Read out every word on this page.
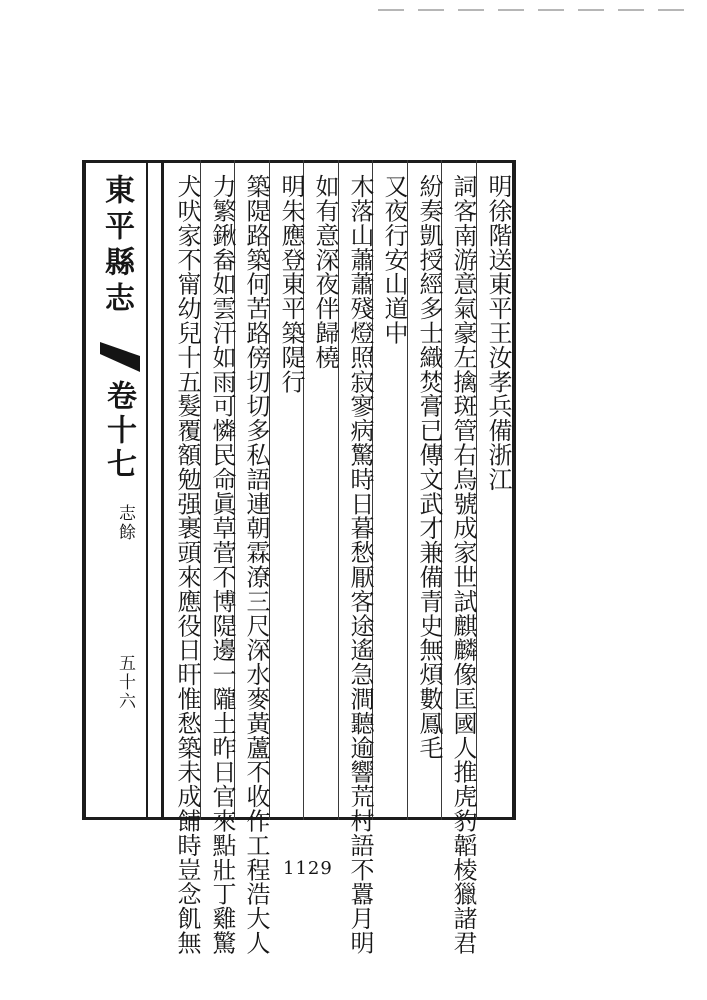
東平縣志
卷十七
志餘
五十六
明徐階送東平王汝孝兵備浙江
詞客南游意氣豪左擒斑管右烏號成家世試麒麟像匡國人推虎豹韜棱獵諸君
紛奏凱授經多士織焚膏已傳文武才兼備青史無煩數鳳毛
又夜行安山道中
木落山蕭蕭殘燈照寂寥病驚時日暮愁厭客途遙急澗聽逾響荒村語不囂月明
如有意深夜伴歸橈
明朱應登東平築隄行
築隄路築何苦路傍切切多私語連朝霖潦三尺深水麥黃蘆不收作工程浩大人
力繁鍬畚如雲汗如雨可憐民命眞草菅不博隄邊一隴土昨日官來點壯丁雞驚
犬吠家不甯幼兒十五髮覆額勉强裹頭來應役日旰惟愁築未成餔時豈念飢無	1129
